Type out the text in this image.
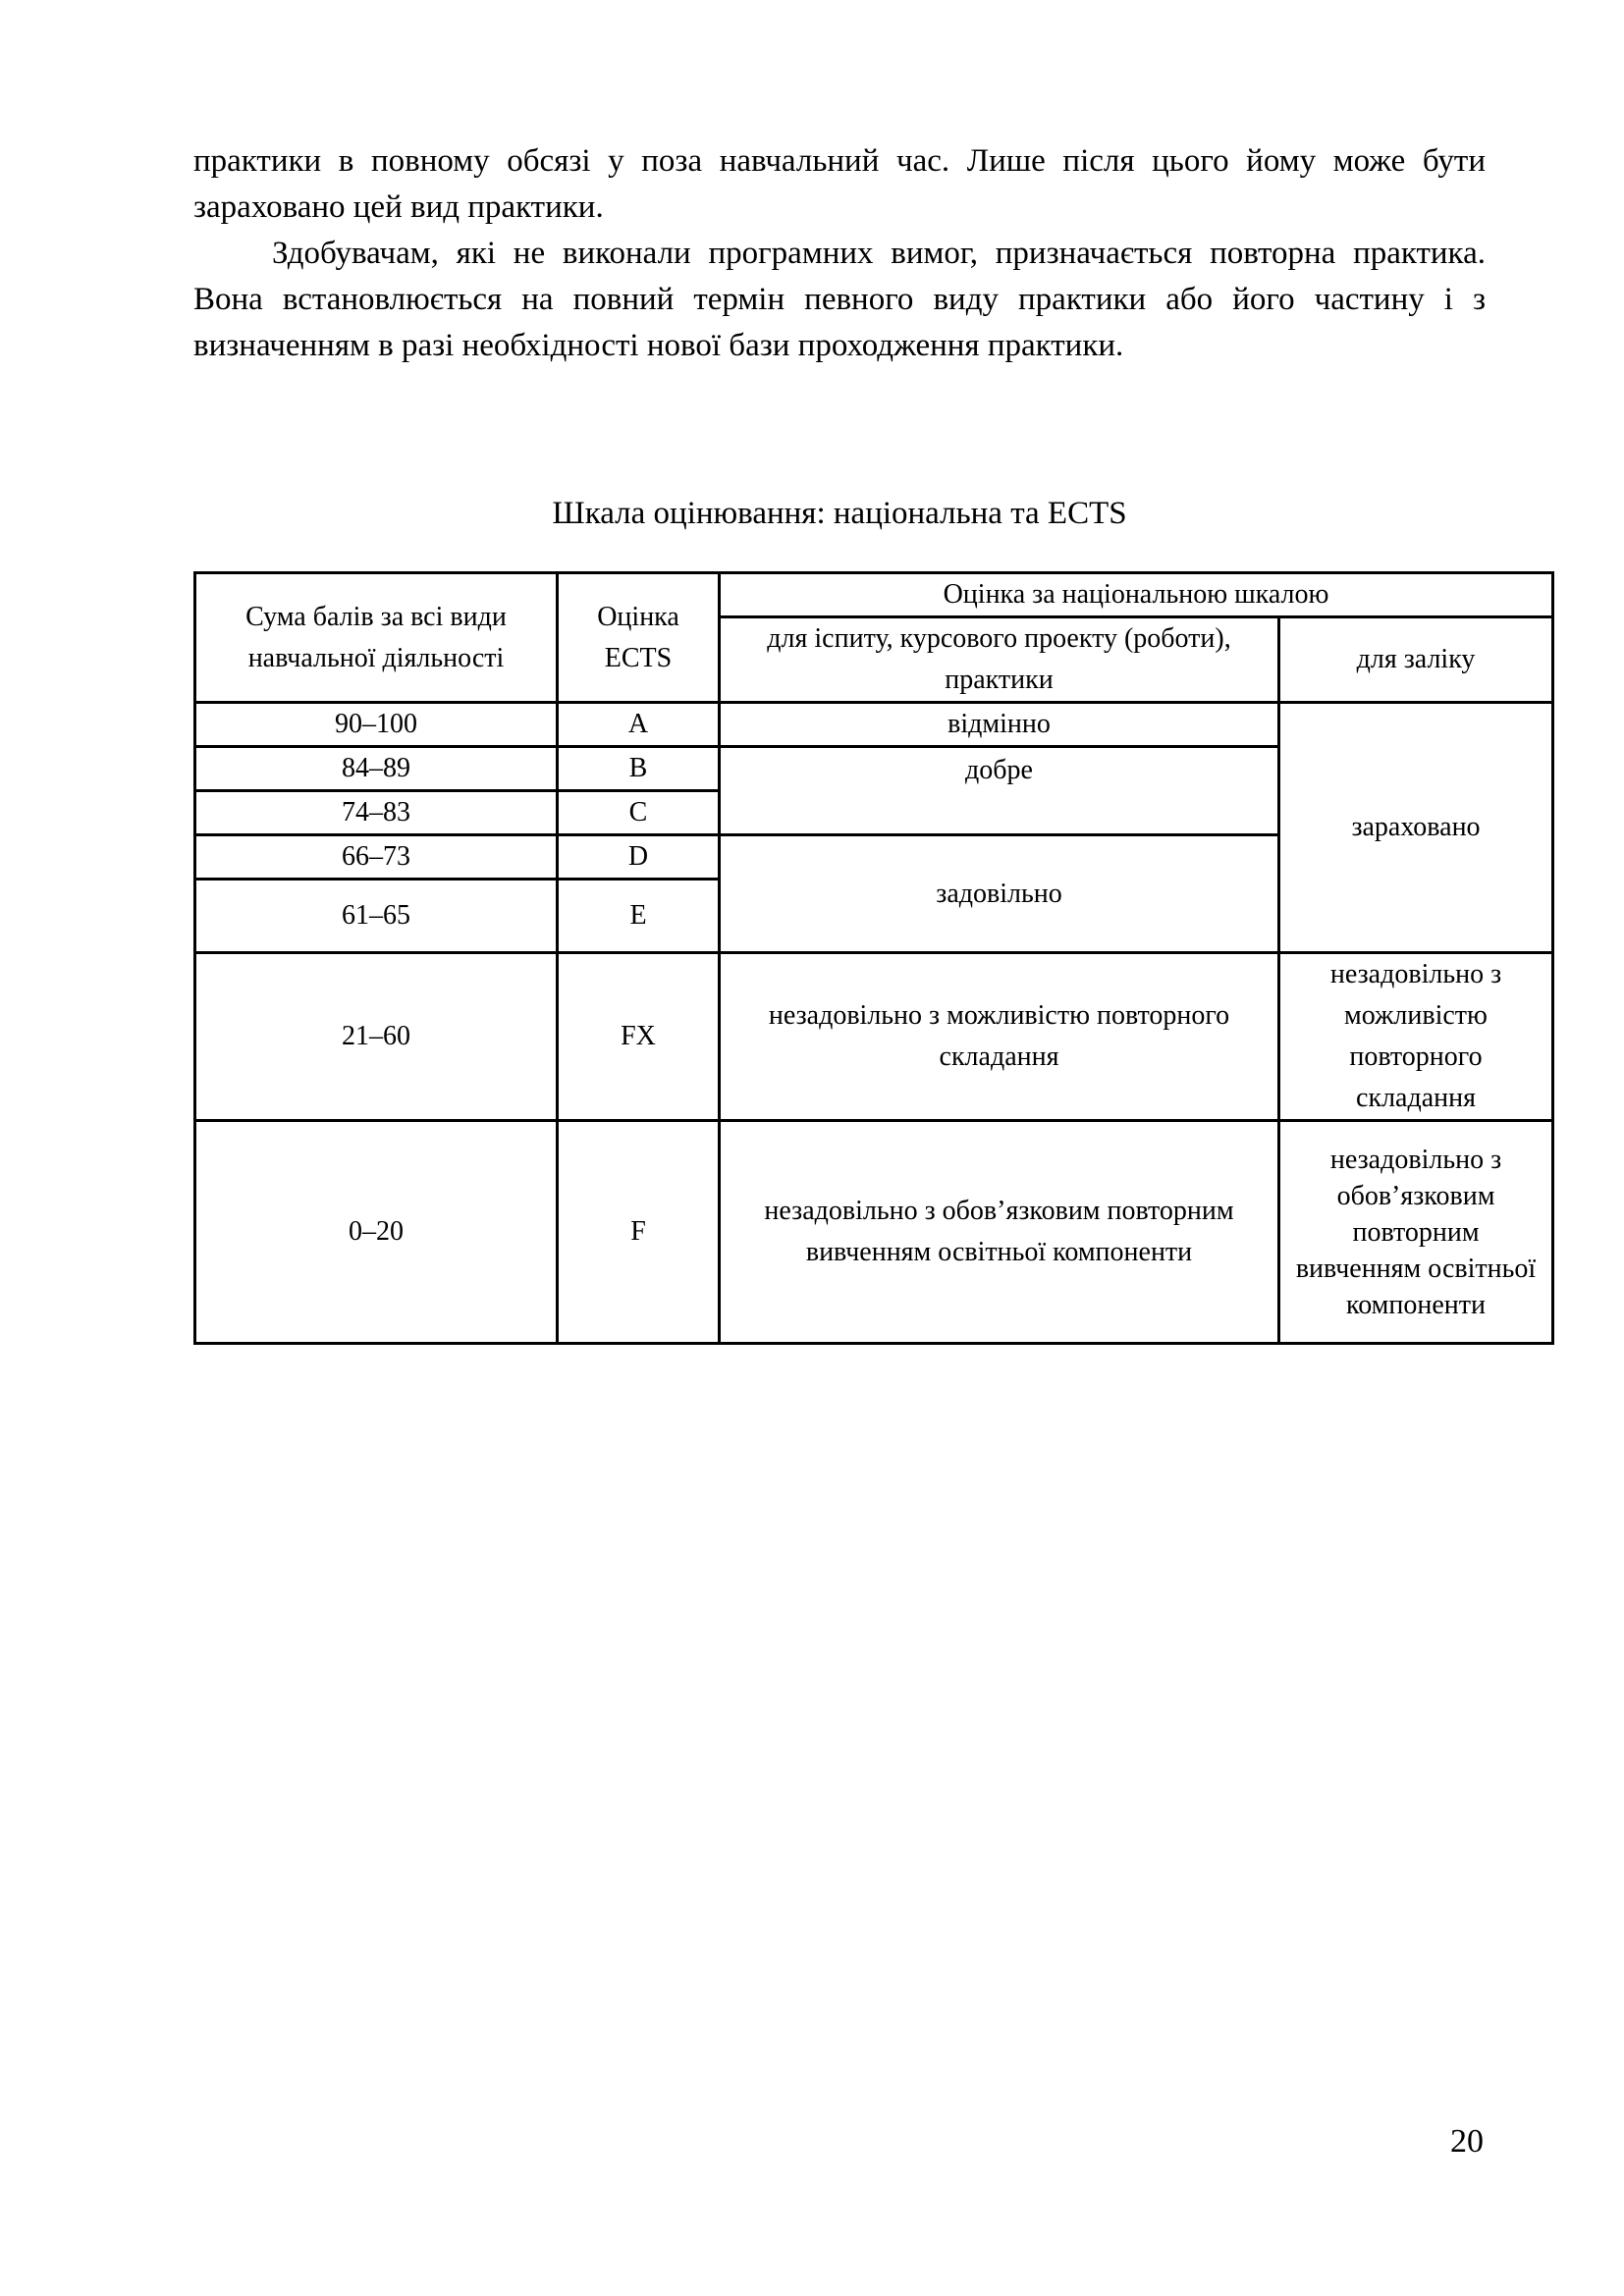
практики в повному обсязі у поза навчальний час. Лише після цього йому може бути зараховано цей вид практики.

Здобувачам, які не виконали програмних вимог, призначається повторна практика. Вона встановлюється на повний термін певного виду практики або його частину і з визначенням в разі необхідності нової бази проходження практики.

Шкала оцінювання: національна та ECTS
Сума балів за всі види навчальної діяльності	Оцінка ECTS	Оцінка за національною шкалою	
		для іспиту, курсового проекту (роботи), практики	для заліку
90–100	A	відмінно	зараховано
84–89	B	добре	
74–83	C		
66–73	D	задовільно	
61–65	E		
21–60	FX	незадовільно з можливістю повторного складання	незадовільно з можливістю повторного складання
0–20	F	незадовільно з обов’язковим повторним вивченням освітньої компоненти	незадовільно з обов’язковим повторним вивченням освітньої компоненти
20
